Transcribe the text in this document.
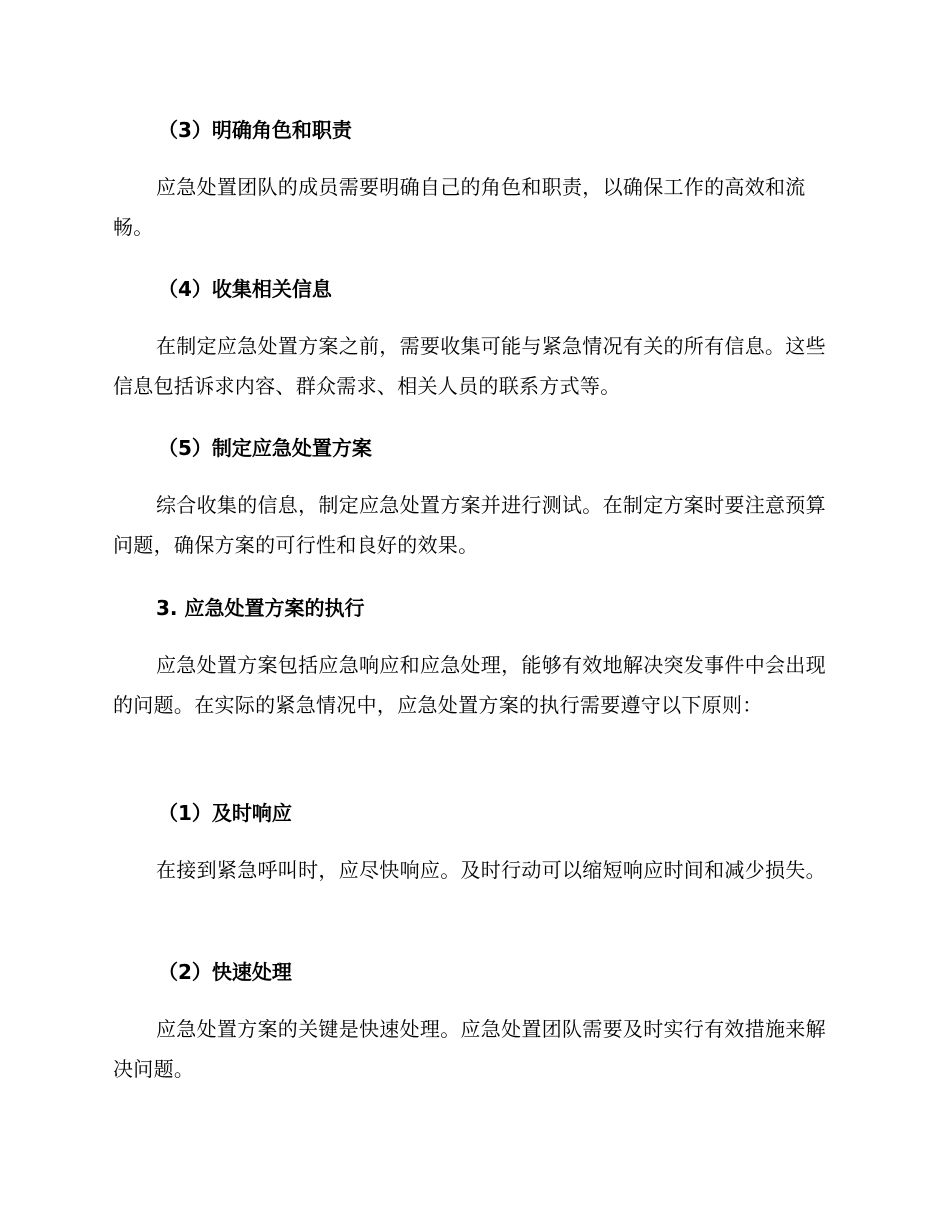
（3）明确角色和职责
应急处置团队的成员需要明确自己的角色和职责，以确保工作的高效和流畅。
（4）收集相关信息
在制定应急处置方案之前，需要收集可能与紧急情况有关的所有信息。这些信息包括诉求内容、群众需求、相关人员的联系方式等。
（5）制定应急处置方案
综合收集的信息，制定应急处置方案并进行测试。在制定方案时要注意预算问题，确保方案的可行性和良好的效果。
3. 应急处置方案的执行
应急处置方案包括应急响应和应急处理，能够有效地解决突发事件中会出现的问题。在实际的紧急情况中，应急处置方案的执行需要遵守以下原则：
（1）及时响应
在接到紧急呼叫时，应尽快响应。及时行动可以缩短响应时间和减少损失。
（2）快速处理
应急处置方案的关键是快速处理。应急处置团队需要及时实行有效措施来解决问题。
